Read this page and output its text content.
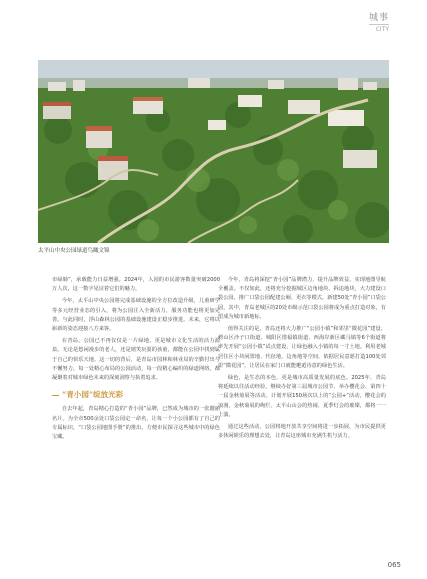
城事
CITY
太平山中央公园绿道鸟瞰文锦

市绿肺”，承载能力日益增强。2024年，入园的市民游客数量突破2000万人次，这一数字见证着它们的魅力。

今年，太平山中央公园将完成基础设施的全方位改造升级，儿童研学等多元经营业态的引入，将为公园注入全新活力，服务功能也将更加完善。与此同时，浮山森林公园的基础设施建设正稳步推进。未来，它将以崭新的姿态迎接八方来客。

在青岛，公园已不再仅仅是一片绿地，更是城市文化生活的活力源泉。无论是悠闲漫步的老人，还是嬉笑玩耍的孩童，都能在公园中找到属于自己的快乐天地。这一切的背后，是青岛市园林和林业局的辛勤付出与不懈努力。每一处精心布局的公园活动，每一段精心编织的绿道网络，都凝聚着对城市绿色未来的深刻洞察与执着追求。

“青小园”绽放光彩

自去年起，青岛精心打造的“青小园”品牌，已然成为城市的一张靓丽名片。为全市500余处口袋公园定一命名，让每一个小公园都有了自己的专属标识，“口袋公园地图手册”的推出，方便市民探寻这些城市中的绿色宝藏。

今年，青岛将深挖“青小园”品牌潜力，提升品牌效益，实现地图导航全覆盖。不仅如此，还将充分挖掘城区边角地块、拆违地块，大力建设口袋公园，推广口袋公园配建公厕、更衣等模式，新建50处“青小园”口袋公园，其中，青岛老城区的20处市级示范口袋公园将成为重点打造对象，有望成为城市新地标。

值得关注的是，青岛还将大力推广“公园小镇”和邻里“微花园”建设。崂山区沙子口街道、城阳区惜福镇街道、西海岸新区藏马镇等6个街道将率先开展“公园小镇”试点建设，让绿色融入小镇的每一寸土地。利用老城居住区小块闲置地、代征地、边角地等空间，依据居民意愿打造100处邻里“微花园”，让居民在家门口就能邂逅诗意的绿色生活。

绿色，是生态的本色，更是城市高质量发展的底色。2025年，青岛将延续以往活动经验，继续办好第三届城市公园节、举办樱花会、第四十一届金秋菊展等活动。计划开展150场次以上的“公园+”活动，樱花会的浪漫、金秋菊展的绚烂、太平山山会的热闹、夏季灯会的璀璨，都将一一上演。

通过这些活动，公园将地开放共享空间将进一步拓展，为市民提供更多休闲娱乐的理想去处，让青岛这座城市充满生机与活力。

065
